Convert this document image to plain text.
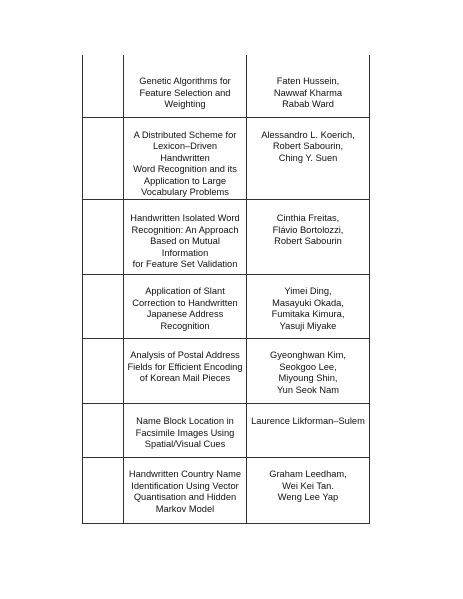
	Genetic Algorithms for
Feature Selection and
Weighting	Faten Hussein,
Nawwaf Kharma
Rabab Ward

	A Distributed Scheme for
Lexicon–Driven Handwritten
Word Recognition and its
Application to Large
Vocabulary Problems	Alessandro L. Koerich,
Robert Sabourin,
Ching Y. Suen

	Handwritten Isolated Word
Recognition: An Approach
Based on Mutual Information
for Feature Set Validation	Cinthia Freitas,
Flávio Bortolozzi,
Robert Sabourin

	Application of Slant
Correction to Handwritten
Japanese Address
Recognition	Yimei Ding,
Masayuki Okada,
Fumitaka Kimura,
Yasuji Miyake

	Analysis of Postal Address
Fields for Efficient Encoding
of Korean Mail Pieces	Gyeonghwan Kim,
Seokgoo Lee,
Miyoung Shin,
Yun Seok Nam

	Name Block Location in
Facsimile Images Using
Spatial/Visual Cues	Laurence Likforman–Sulem

	Handwritten Country Name
Identification Using Vector
Quantisation and Hidden
Markov Model	Graham Leedham,
Wei Kei Tan.
Weng Lee Yap
